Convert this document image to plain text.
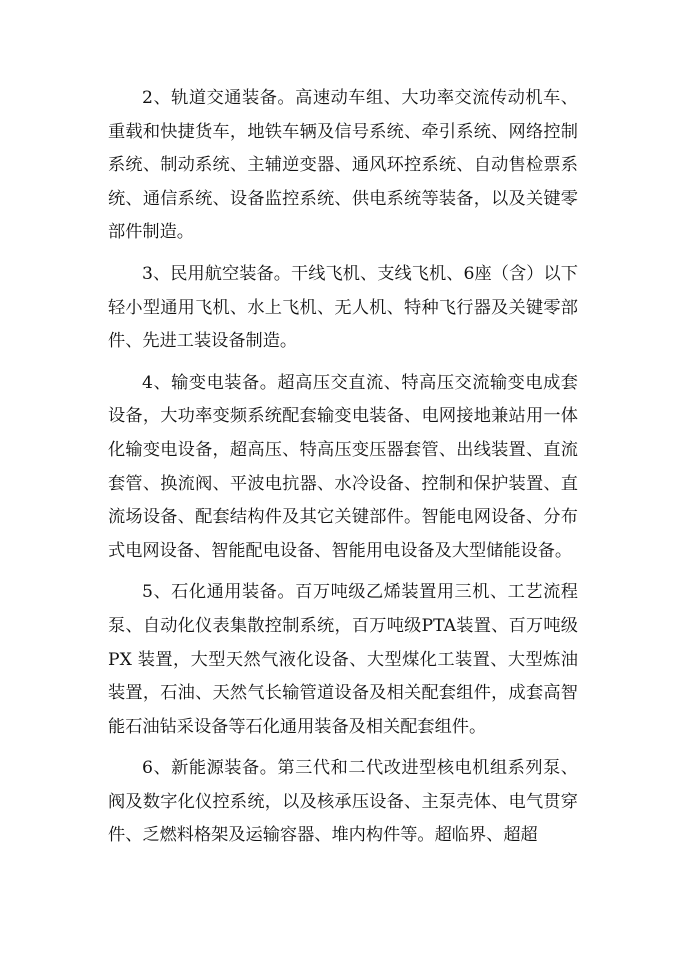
2、轨道交通装备。高速动车组、大功率交流传动机车、重载和快捷货车，地铁车辆及信号系统、牵引系统、网络控制系统、制动系统、主辅逆变器、通风环控系统、自动售检票系统、通信系统、设备监控系统、供电系统等装备，以及关键零部件制造。

3、民用航空装备。干线飞机、支线飞机、6座（含）以下轻小型通用飞机、水上飞机、无人机、特种飞行器及关键零部件、先进工装设备制造。

4、输变电装备。超高压交直流、特高压交流输变电成套设备，大功率变频系统配套输变电装备、电网接地兼站用一体化输变电设备，超高压、特高压变压器套管、出线装置、直流套管、换流阀、平波电抗器、水冷设备、控制和保护装置、直流场设备、配套结构件及其它关键部件。智能电网设备、分布式电网设备、智能配电设备、智能用电设备及大型储能设备。

5、石化通用装备。百万吨级乙烯装置用三机、工艺流程泵、自动化仪表集散控制系统，百万吨级PTA装置、百万吨级 PX 装置，大型天然气液化设备、大型煤化工装置、大型炼油装置，石油、天然气长输管道设备及相关配套组件，成套高智能石油钻采设备等石化通用装备及相关配套组件。

6、新能源装备。第三代和二代改进型核电机组系列泵、阀及数字化仪控系统，以及核承压设备、主泵壳体、电气贯穿件、乏燃料格架及运输容器、堆内构件等。超临界、超超
